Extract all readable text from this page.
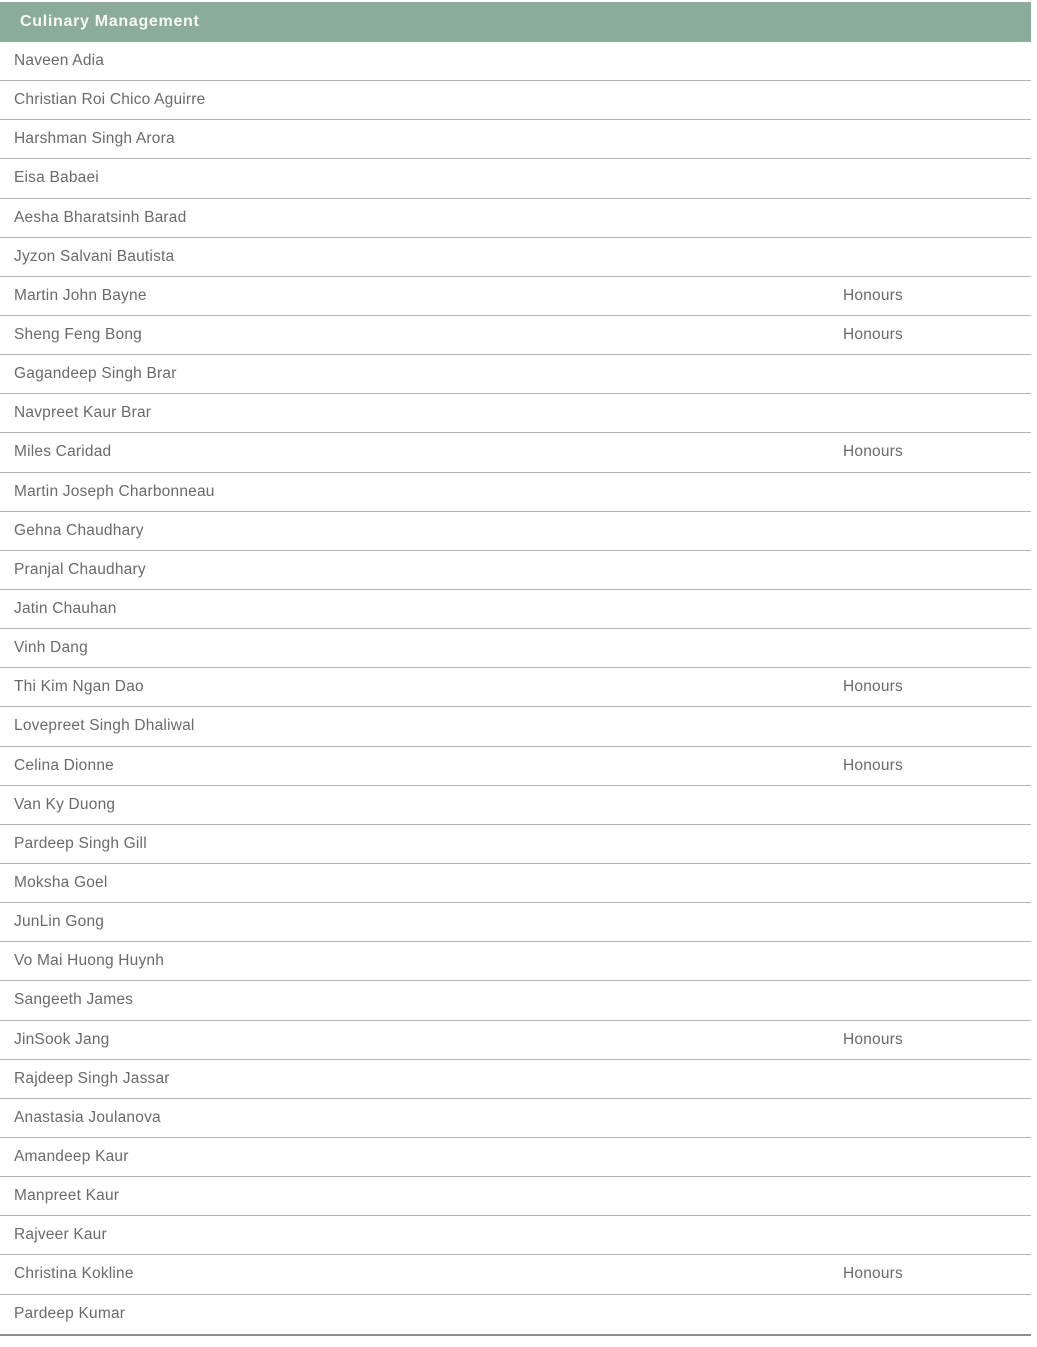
Culinary Management
Naveen Adia
Christian Roi Chico Aguirre
Harshman Singh Arora
Eisa Babaei
Aesha Bharatsinh Barad
Jyzon Salvani Bautista
Martin John Bayne	Honours
Sheng Feng Bong	Honours
Gagandeep Singh Brar
Navpreet Kaur Brar
Miles Caridad	Honours
Martin Joseph Charbonneau
Gehna Chaudhary
Pranjal Chaudhary
Jatin Chauhan
Vinh Dang
Thi Kim Ngan Dao	Honours
Lovepreet Singh Dhaliwal
Celina Dionne	Honours
Van Ky Duong
Pardeep Singh Gill
Moksha Goel
JunLin Gong
Vo Mai Huong Huynh
Sangeeth James
JinSook Jang	Honours
Rajdeep Singh Jassar
Anastasia Joulanova
Amandeep Kaur
Manpreet Kaur
Rajveer Kaur
Christina Kokline	Honours
Pardeep Kumar
